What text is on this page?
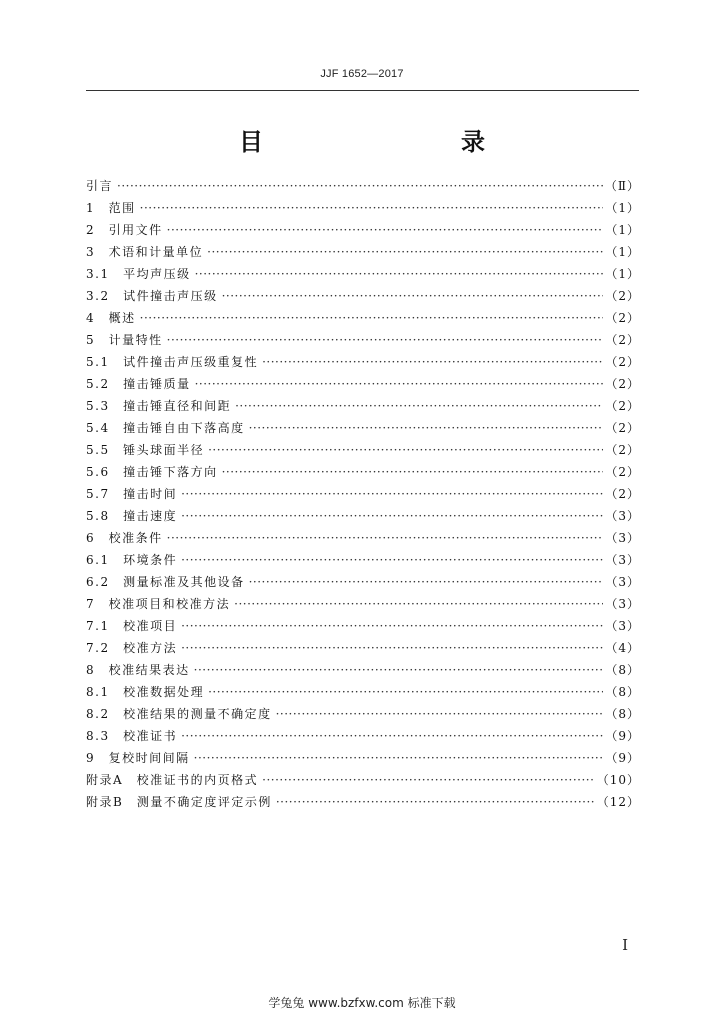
JJF 1652—2017
目　　录
引言 ·····	（Ⅱ）
1　范围 ·····	（1）
2　引用文件 ·····	（1）
3　术语和计量单位 ·····	（1）
3.1　平均声压级 ·····	（1）
3.2　试件撞击声压级 ·····	（2）
4　概述 ·····	（2）
5　计量特性 ·····	（2）
5.1　试件撞击声压级重复性 ·····	（2）
5.2　撞击锤质量 ·····	（2）
5.3　撞击锤直径和间距 ·····	（2）
5.4　撞击锤自由下落高度 ·····	（2）
5.5　锤头球面半径 ·····	（2）
5.6　撞击锤下落方向 ·····	（2）
5.7　撞击时间 ·····	（2）
5.8　撞击速度 ·····	（3）
6　校准条件 ·····	（3）
6.1　环境条件 ·····	（3）
6.2　测量标准及其他设备 ·····	（3）
7　校准项目和校准方法 ·····	（3）
7.1　校准项目 ·····	（3）
7.2　校准方法 ·····	（4）
8　校准结果表达 ·····	（8）
8.1　校准数据处理 ·····	（8）
8.2　校准结果的测量不确定度 ·····	（8）
8.3　校准证书 ·····	（9）
9　复校时间间隔 ·····	（9）
附录A　校准证书的内页格式 ·····	（10）
附录B　测量不确定度评定示例 ·····	（12）
Ⅰ
学兔兔 www.bzfxw.com 标准下载
